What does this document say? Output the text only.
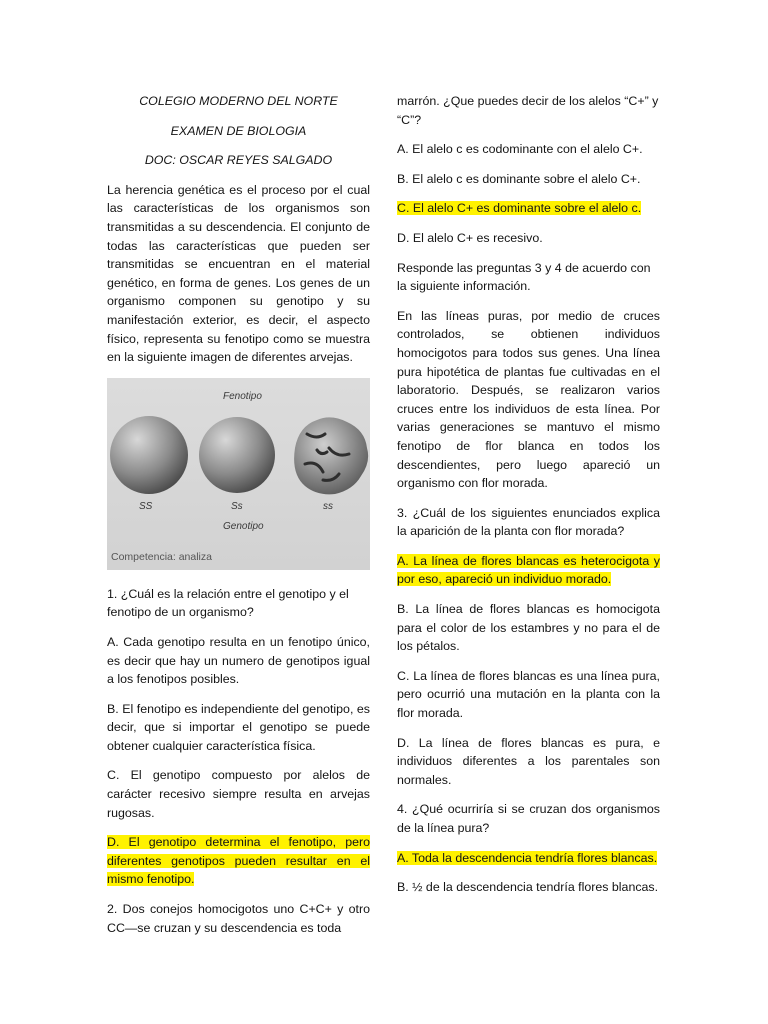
COLEGIO MODERNO DEL NORTE

EXAMEN DE BIOLOGIA

DOC: OSCAR REYES SALGADO

La herencia genética es el proceso por el cual las características de los organismos son transmitidas a su descendencia. El conjunto de todas las características que pueden ser transmitidas se encuentran en el material genético, en forma de genes. Los genes de un organismo componen su genotipo y su manifestación exterior, es decir, el aspecto físico, representa su fenotipo como se muestra en la siguiente imagen de diferentes arvejas.

Fenotipo
SS	Ss	ss
Genotipo
Competencia: analiza

1. ¿Cuál es la relación entre el genotipo y el fenotipo de un organismo?

A. Cada genotipo resulta en un fenotipo único, es decir que hay un numero de genotipos igual a los fenotipos posibles.

B. El fenotipo es independiente del genotipo, es decir, que si importar el genotipo se puede obtener cualquier característica física.

C. El genotipo compuesto por alelos de carácter recesivo siempre resulta en arvejas rugosas.

D. El genotipo determina el fenotipo, pero diferentes genotipos pueden resultar en el mismo fenotipo.

2. Dos conejos homocigotos uno C+C+ y otro CC—se cruzan y su descendencia es toda

marrón. ¿Que puedes decir de los alelos “C+” y “C”?

A. El alelo c es codominante con el alelo C+.

B. El alelo c es dominante sobre el alelo C+.

C. El alelo C+ es dominante sobre el alelo c.

D. El alelo C+ es recesivo.

Responde las preguntas 3 y 4 de acuerdo con la siguiente información.

En las líneas puras, por medio de cruces controlados, se obtienen individuos homocigotos para todos sus genes. Una línea pura hipotética de plantas fue cultivadas en el laboratorio. Después, se realizaron varios cruces entre los individuos de esta línea. Por varias generaciones se mantuvo el mismo fenotipo de flor blanca en todos los descendientes, pero luego apareció un organismo con flor morada.

3. ¿Cuál de los siguientes enunciados explica la aparición de la planta con flor morada?

A. La línea de flores blancas es heterocigota y por eso, apareció un individuo morado.

B. La línea de flores blancas es homocigota para el color de los estambres y no para el de los pétalos.

C. La línea de flores blancas es una línea pura, pero ocurrió una mutación en la planta con la flor morada.

D. La línea de flores blancas es pura, e individuos diferentes a los parentales son normales.

4. ¿Qué ocurriría si se cruzan dos organismos de la línea pura?

A. Toda la descendencia tendría flores blancas.

B. ½ de la descendencia tendría flores blancas.
